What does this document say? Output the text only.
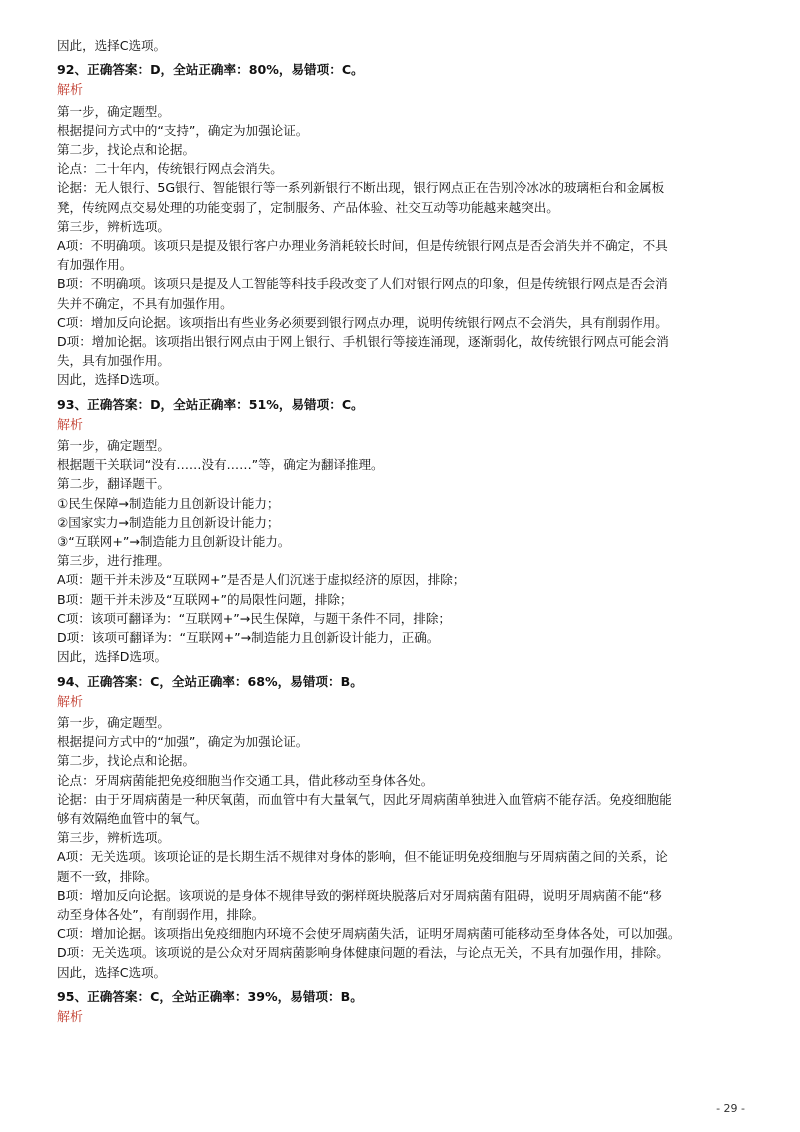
因此，选择C选项。
92、正确答案：D，全站正确率：80%，易错项：C。
解析
第一步，确定题型。
根据提问方式中的“支持”，确定为加强论证。
第二步，找论点和论据。
论点：二十年内，传统银行网点会消失。
论据：无人银行、5G银行、智能银行等一系列新银行不断出现，银行网点正在告别冷冰冰的玻璃柜台和金属板
凳，传统网点交易处理的功能变弱了，定制服务、产品体验、社交互动等功能越来越突出。
第三步，辨析选项。
A项：不明确项。该项只是提及银行客户办理业务消耗较长时间，但是传统银行网点是否会消失并不确定，不具
有加强作用。
B项：不明确项。该项只是提及人工智能等科技手段改变了人们对银行网点的印象，但是传统银行网点是否会消
失并不确定，不具有加强作用。
C项：增加反向论据。该项指出有些业务必须要到银行网点办理，说明传统银行网点不会消失，具有削弱作用。
D项：增加论据。该项指出银行网点由于网上银行、手机银行等接连涌现，逐渐弱化，故传统银行网点可能会消
失，具有加强作用。
因此，选择D选项。
93、正确答案：D，全站正确率：51%，易错项：C。
解析
第一步，确定题型。
根据题干关联词“没有……没有……”等，确定为翻译推理。
第二步，翻译题干。
①民生保障→制造能力且创新设计能力；
②国家实力→制造能力且创新设计能力；
③“互联网+”→制造能力且创新设计能力。
第三步，进行推理。
A项：题干并未涉及“互联网+”是否是人们沉迷于虚拟经济的原因，排除；
B项：题干并未涉及“互联网+”的局限性问题，排除；
C项：该项可翻译为：“互联网+”→民生保障，与题干条件不同，排除；
D项：该项可翻译为：“互联网+”→制造能力且创新设计能力，正确。
因此，选择D选项。
94、正确答案：C，全站正确率：68%，易错项：B。
解析
第一步，确定题型。
根据提问方式中的“加强”，确定为加强论证。
第二步，找论点和论据。
论点：牙周病菌能把免疫细胞当作交通工具，借此移动至身体各处。
论据：由于牙周病菌是一种厌氧菌，而血管中有大量氧气，因此牙周病菌单独进入血管病不能存活。免疫细胞能
够有效隔绝血管中的氧气。
第三步，辨析选项。
A项：无关选项。该项论证的是长期生活不规律对身体的影响，但不能证明免疫细胞与牙周病菌之间的关系，论
题不一致，排除。
B项：增加反向论据。该项说的是身体不规律导致的粥样斑块脱落后对牙周病菌有阻碍，说明牙周病菌不能“移
动至身体各处”，有削弱作用，排除。
C项：增加论据。该项指出免疫细胞内环境不会使牙周病菌失活，证明牙周病菌可能移动至身体各处，可以加强。
D项：无关选项。该项说的是公众对牙周病菌影响身体健康问题的看法，与论点无关，不具有加强作用，排除。
因此，选择C选项。
95、正确答案：C，全站正确率：39%，易错项：B。
解析
- 29 -
